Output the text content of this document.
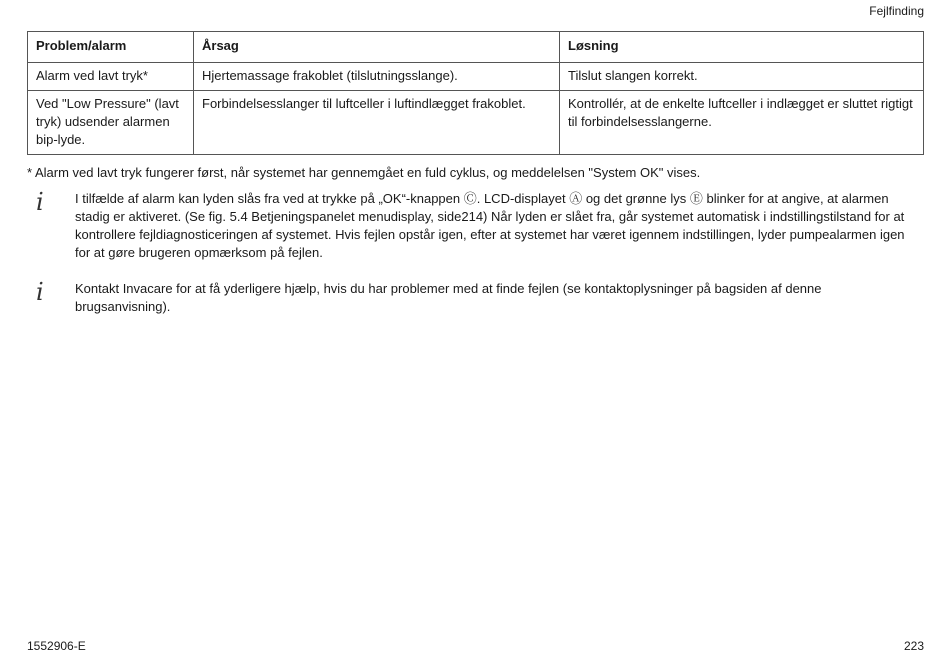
Fejlfinding
Problem/alarm	Årsag	Løsning
Alarm ved lavt tryk*	Hjertemassage frakoblet (tilslutningsslange).	Tilslut slangen korrekt.
Ved "Low Pressure" (lavt tryk) udsender alarmen bip-lyde.	Forbindelsesslanger til luftceller i luftindlægget frakoblet.	Kontrollér, at de enkelte luftceller i indlægget er sluttet rigtigt til forbindelsesslangerne.
* Alarm ved lavt tryk fungerer først, når systemet har gennemgået en fuld cyklus, og meddelelsen "System OK" vises.
i I tilfælde af alarm kan lyden slås fra ved at trykke på „OK“-knappen Ⓒ. LCD-displayet Ⓐ og det grønne lys Ⓔ blinker for at angive, at alarmen stadig er aktiveret. (Se fig. 5.4 Betjeningspanelet menudisplay, side214) Når lyden er slået fra, går systemet automatisk i indstillingstilstand for at kontrollere fejldiagnosticeringen af systemet. Hvis fejlen opstår igen, efter at systemet har været igennem indstillingen, lyder pumpealarmen igen for at gøre brugeren opmærksom på fejlen.
i Kontakt Invacare for at få yderligere hjælp, hvis du har problemer med at finde fejlen (se kontaktoplysninger på bagsiden af denne brugsanvisning).
1552906-E	223
